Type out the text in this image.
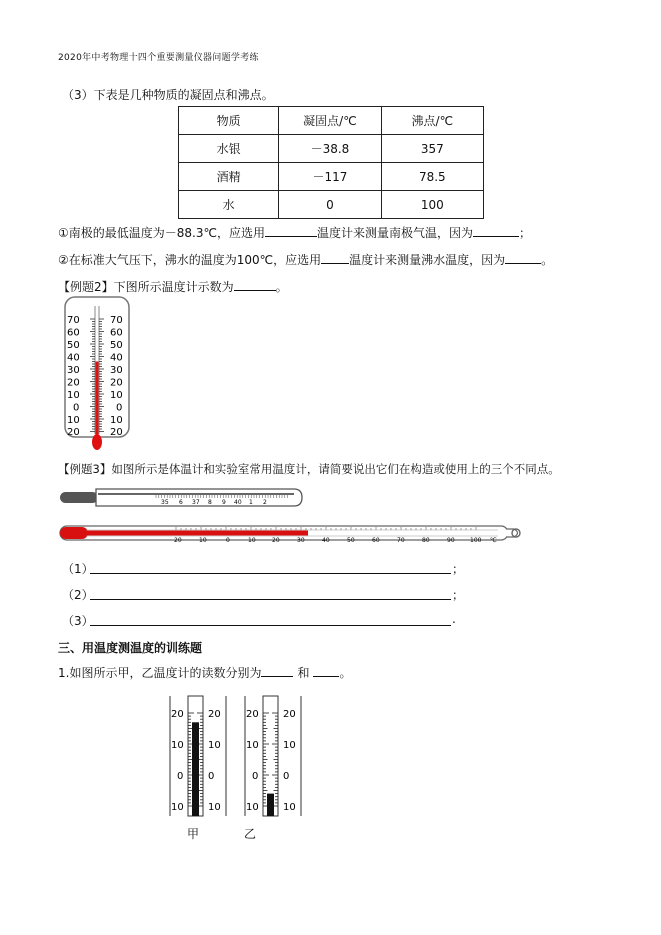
2020年中考物理十四个重要测量仪器问题学考练
（3）下表是几种物质的凝固点和沸点。
物质	凝固点/℃	沸点/℃
水银	－38.8	357
酒精	－117	78.5
水	0	100
①南极的最低温度为－88.3℃，应选用	温度计来测量南极气温，因为	；
②在标准大气压下，沸水的温度为100℃，应选用 温度计来测量沸水温度，因为	。
【例题2】下图所示温度计示数为	。
70
60
50
40
30
20
10
0
10
20
70
60
50
40
30
20
10
0
10
20
【例题3】如图所示是体温计和实验室常用温度计，请简要说出它们在构造或使用上的三个不同点。
35 6 37 8 9 40 1 2
20	10	0	10	20	30	40	50	60	70	80	90	100 ℃
（1）	；
（2）	；
（3）	.
三、用温度测温度的训练题
1.如图所示甲，乙温度计的读数分别为	和	。
20
10
0
10
20
10
0
10
20
10
0
10
20
10
0
10
甲	乙
